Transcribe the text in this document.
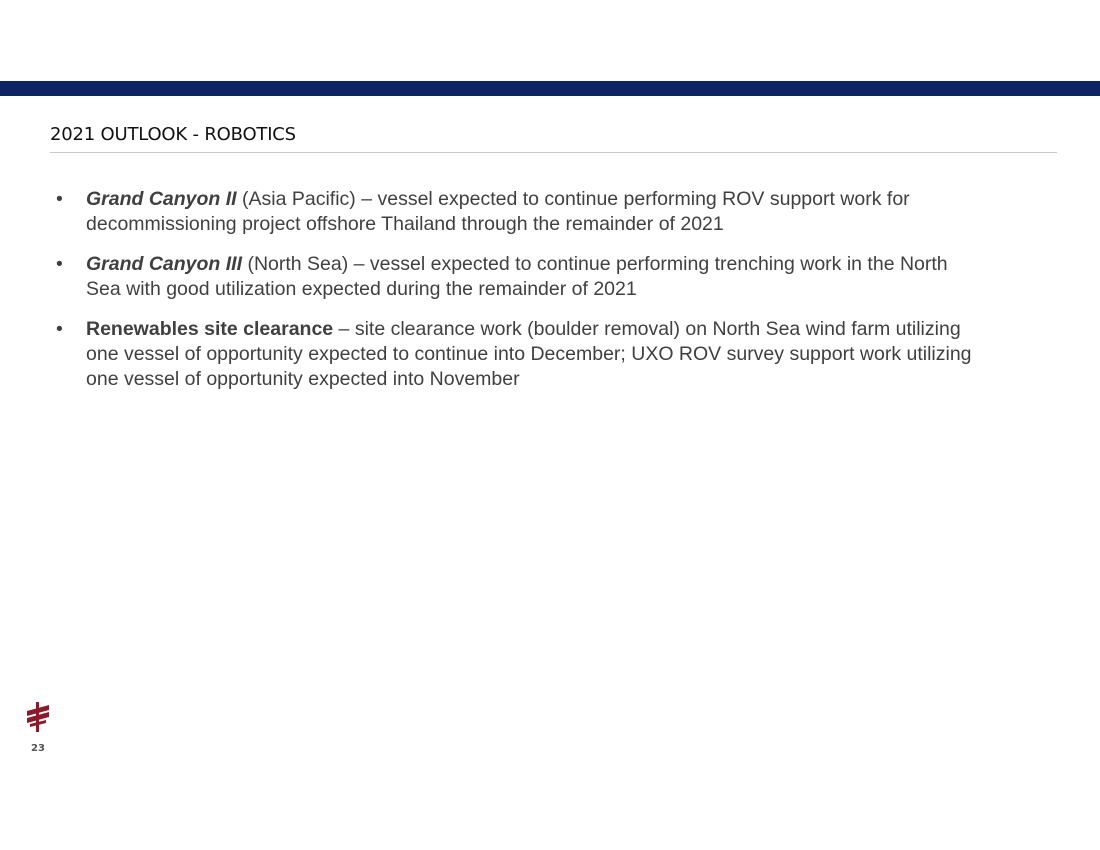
2021 OUTLOOK - ROBOTICS
• Grand Canyon II (Asia Pacific) – vessel expected to continue performing ROV support work for decommissioning project offshore Thailand through the remainder of 2021
• Grand Canyon III (North Sea) – vessel expected to continue performing trenching work in the North Sea with good utilization expected during the remainder of 2021
• Renewables site clearance – site clearance work (boulder removal) on North Sea wind farm utilizing one vessel of opportunity expected to continue into December; UXO ROV survey support work utilizing one vessel of opportunity expected into November
23
